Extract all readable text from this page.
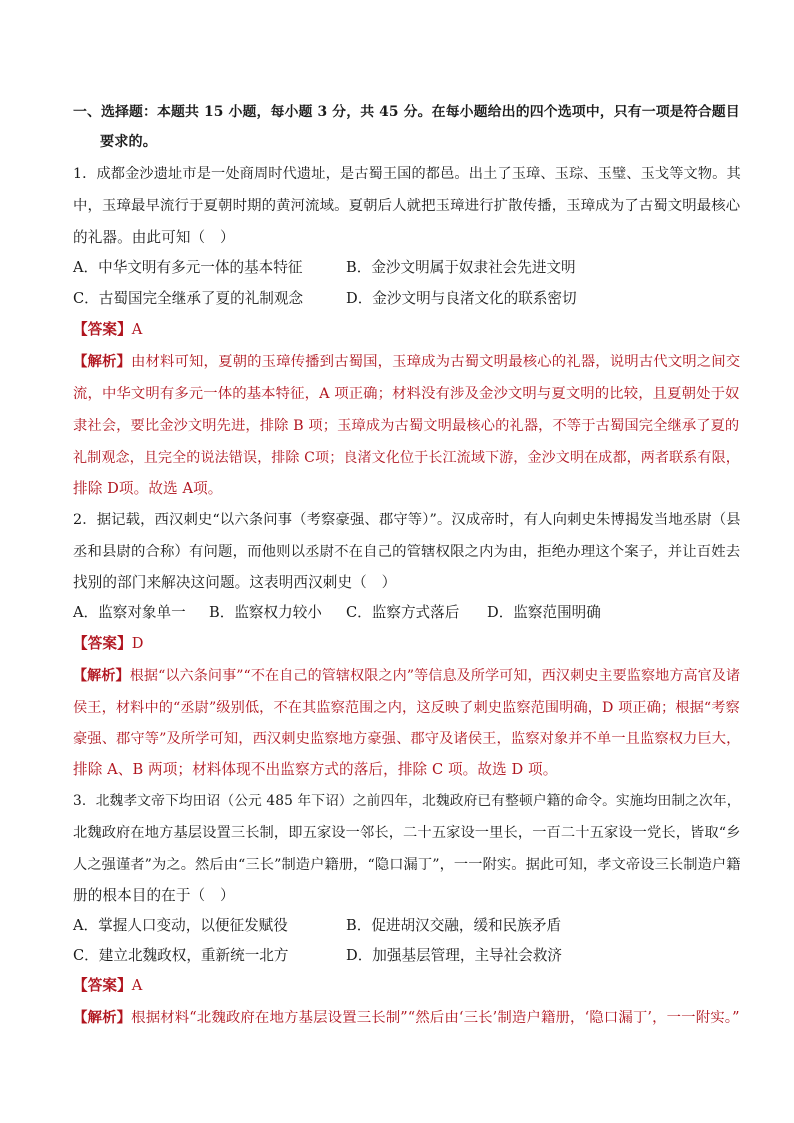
一、选择题：本题共 15 小题，每小题 3 分，共 45 分。在每小题给出的四个选项中，只有一项是符合题目
要求的。
1．成都金沙遗址市是一处商周时代遗址，是古蜀王国的都邑。出土了玉璋、玉琮、玉璧、玉戈等文物。其
中，玉璋最早流行于夏朝时期的黄河流域。夏朝后人就把玉璋进行扩散传播，玉璋成为了古蜀文明最核心
的礼器。由此可知（　）
A．中华文明有多元一体的基本特征	B．金沙文明属于奴隶社会先进文明
C．古蜀国完全继承了夏的礼制观念	D．金沙文明与良渚文化的联系密切
【答案】A
【解析】由材料可知，夏朝的玉璋传播到古蜀国，玉璋成为古蜀文明最核心的礼器，说明古代文明之间交
流，中华文明有多元一体的基本特征，A 项正确；材料没有涉及金沙文明与夏文明的比较，且夏朝处于奴
隶社会，要比金沙文明先进，排除 B 项；玉璋成为古蜀文明最核心的礼器，不等于古蜀国完全继承了夏的
礼制观念，且完全的说法错误，排除 C项；良渚文化位于长江流域下游，金沙文明在成都，两者联系有限，
排除 D项。故选 A项。
2．据记载，西汉刺史“以六条问事（考察豪强、郡守等）”。汉成帝时，有人向刺史朱博揭发当地丞尉（县
丞和县尉的合称）有问题，而他则以丞尉不在自己的管辖权限之内为由，拒绝办理这个案子，并让百姓去
找别的部门来解决这问题。这表明西汉刺史（　）
A．监察对象单一 B．监察权力较小 C．监察方式落后 D．监察范围明确
【答案】D
【解析】根据“以六条问事”“不在自己的管辖权限之内”等信息及所学可知，西汉刺史主要监察地方高官及诸
侯王，材料中的“丞尉”级别低，不在其监察范围之内，这反映了刺史监察范围明确，D 项正确；根据“考察
豪强、郡守等”及所学可知，西汉刺史监察地方豪强、郡守及诸侯王，监察对象并不单一且监察权力巨大，
排除 A、B 两项；材料体现不出监察方式的落后，排除 C 项。故选 D 项。
3．北魏孝文帝下均田诏（公元 485 年下诏）之前四年，北魏政府已有整顿户籍的命令。实施均田制之次年，
北魏政府在地方基层设置三长制，即五家设一邻长，二十五家设一里长，一百二十五家设一党长，皆取“乡
人之强谨者”为之。然后由“三长”制造户籍册，“隐口漏丁”，一一附实。据此可知，孝文帝设三长制造户籍
册的根本目的在于（　）
A．掌握人口变动，以便征发赋役	B．促进胡汉交融，缓和民族矛盾
C．建立北魏政权，重新统一北方	D．加强基层管理，主导社会救济
【答案】A
【解析】根据材料“北魏政府在地方基层设置三长制”“然后由‘三长’制造户籍册，‘隐口漏丁’，一一附实。”
